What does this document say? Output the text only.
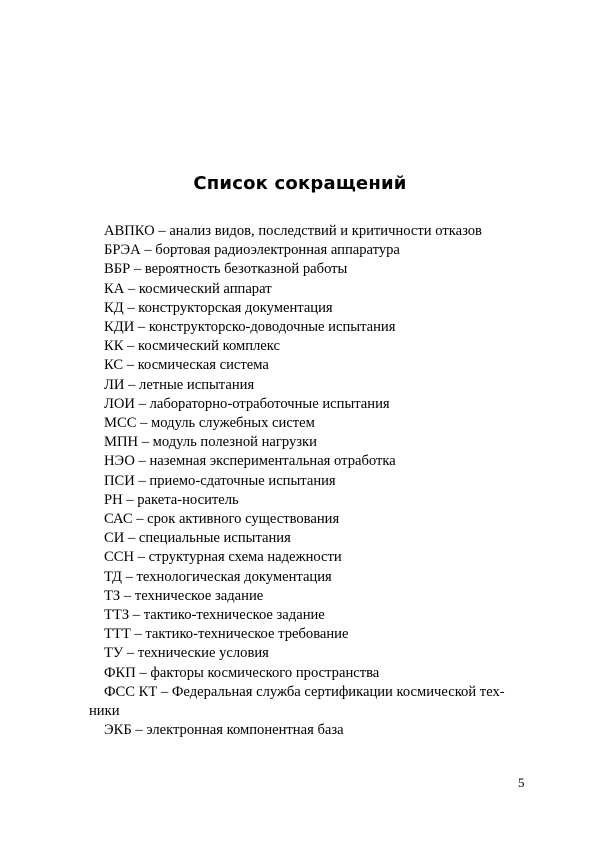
Список сокращений
АВПКО – анализ видов, последствий и критичности отказов
БРЭА – бортовая радиоэлектронная аппаратура
ВБР – вероятность безотказной работы
КА – космический аппарат
КД – конструкторская документация
КДИ – конструкторско-доводочные испытания
КК – космический комплекс
КС – космическая система
ЛИ – летные испытания
ЛОИ – лабораторно-отработочные испытания
МСС – модуль служебных систем
МПН – модуль полезной нагрузки
НЭО – наземная экспериментальная отработка
ПСИ – приемо-сдаточные испытания
РН – ракета-носитель
САС – срок активного существования
СИ – специальные испытания
ССН – структурная схема надежности
ТД – технологическая документация
ТЗ – техническое задание
ТТЗ – тактико-техническое задание
ТТТ – тактико-техническое требование
ТУ – технические условия
ФКП – факторы космического пространства
ФСС КТ – Федеральная служба сертификации космической тех-
ники
ЭКБ – электронная компонентная база
5
